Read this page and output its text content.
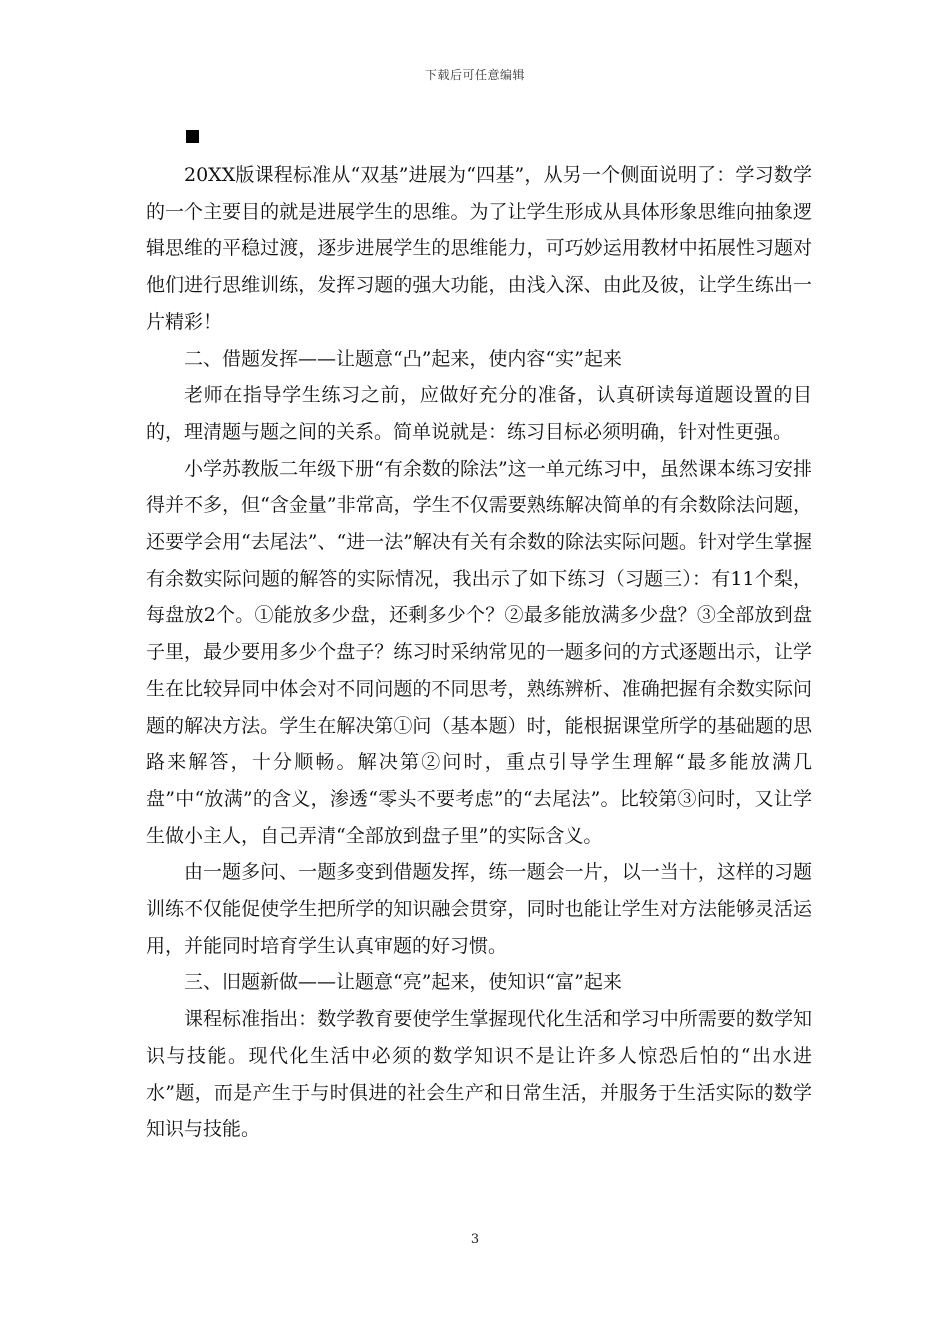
下载后可任意编辑

20XX版课程标准从“双基”进展为“四基”，从另一个侧面说明了：学习数学的一个主要目的就是进展学生的思维。为了让学生形成从具体形象思维向抽象逻辑思维的平稳过渡，逐步进展学生的思维能力，可巧妙运用教材中拓展性习题对他们进行思维训练，发挥习题的强大功能，由浅入深、由此及彼，让学生练出一片精彩！

二、借题发挥——让题意“凸”起来，使内容“实”起来

老师在指导学生练习之前，应做好充分的准备，认真研读每道题设置的目的，理清题与题之间的关系。简单说就是：练习目标必须明确，针对性更强。

小学苏教版二年级下册“有余数的除法”这一单元练习中，虽然课本练习安排得并不多，但“含金量”非常高，学生不仅需要熟练解决简单的有余数除法问题，还要学会用“去尾法”、“进一法”解决有关有余数的除法实际问题。针对学生掌握有余数实际问题的解答的实际情况，我出示了如下练习（习题三）：有11个梨，每盘放2个。①能放多少盘，还剩多少个？②最多能放满多少盘？③全部放到盘子里，最少要用多少个盘子？练习时采纳常见的一题多问的方式逐题出示，让学生在比较异同中体会对不同问题的不同思考，熟练辨析、准确把握有余数实际问题的解决方法。学生在解决第①问（基本题）时，能根据课堂所学的基础题的思路来解答，十分顺畅。解决第②问时，重点引导学生理解“最多能放满几盘”中“放满”的含义，渗透“零头不要考虑”的“去尾法”。比较第③问时，又让学生做小主人，自己弄清“全部放到盘子里”的实际含义。

由一题多问、一题多变到借题发挥，练一题会一片，以一当十，这样的习题训练不仅能促使学生把所学的知识融会贯穿，同时也能让学生对方法能够灵活运用，并能同时培育学生认真审题的好习惯。

三、旧题新做——让题意“亮”起来，使知识“富”起来

课程标准指出：数学教育要使学生掌握现代化生活和学习中所需要的数学知识与技能。现代化生活中必须的数学知识不是让许多人惊恐后怕的“出水进水”题，而是产生于与时俱进的社会生产和日常生活，并服务于生活实际的数学知识与技能。

3
